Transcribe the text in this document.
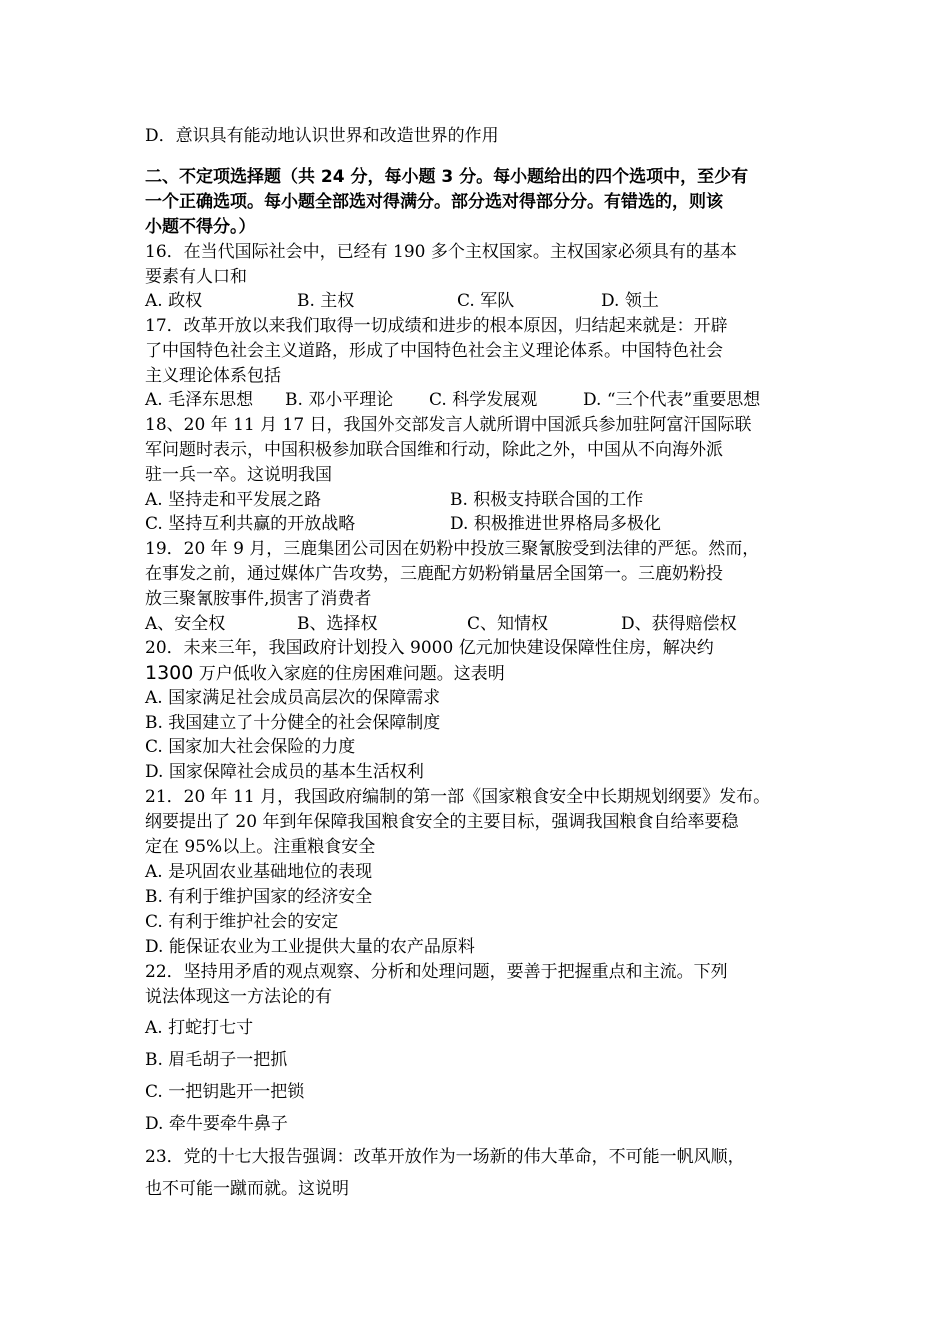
D．意识具有能动地认识世界和改造世界的作用
二、不定项选择题（共 24 分，每小题 3 分。每小题给出的四个选项中，至少有
一个正确选项。每小题全部选对得满分。部分选对得部分分。有错选的，则该
小题不得分。）
16．在当代国际社会中，已经有 190 多个主权国家。主权国家必须具有的基本
要素有人口和
A. 政权	B. 主权	C. 军队	D. 领土
17．改革开放以来我们取得一切成绩和进步的根本原因，归结起来就是：开辟
了中国特色社会主义道路，形成了中国特色社会主义理论体系。中国特色社会
主义理论体系包括
A. 毛泽东思想 B. 邓小平理论 C. 科学发展观	D. “三个代表”重要思想
18、20 年 11 月 17 日，我国外交部发言人就所谓中国派兵参加驻阿富汗国际联
军问题时表示，中国积极参加联合国维和行动，除此之外，中国从不向海外派
驻一兵一卒。这说明我国
A. 坚持走和平发展之路	B. 积极支持联合国的工作
C. 坚持互利共赢的开放战略	D. 积极推进世界格局多极化
19．20 年 9 月，三鹿集团公司因在奶粉中投放三聚氰胺受到法律的严惩。然而，
在事发之前，通过媒体广告攻势，三鹿配方奶粉销量居全国第一。三鹿奶粉投
放三聚氰胺事件,损害了消费者
A、安全权	B、选择权	C、知情权	D、获得赔偿权
20．未来三年，我国政府计划投入 9000 亿元加快建设保障性住房，解决约
1300 万户低收入家庭的住房困难问题。这表明
A. 国家满足社会成员高层次的保障需求
B. 我国建立了十分健全的社会保障制度
C. 国家加大社会保险的力度
D. 国家保障社会成员的基本生活权利
21．20 年 11 月，我国政府编制的第一部《国家粮食安全中长期规划纲要》发布。
纲要提出了 20 年到年保障我国粮食安全的主要目标，强调我国粮食自给率要稳
定在 95%以上。注重粮食安全
A. 是巩固农业基础地位的表现
B. 有利于维护国家的经济安全
C. 有利于维护社会的安定
D. 能保证农业为工业提供大量的农产品原料
22．坚持用矛盾的观点观察、分析和处理问题，要善于把握重点和主流。下列
说法体现这一方法论的有
A. 打蛇打七寸
B. 眉毛胡子一把抓
C. 一把钥匙开一把锁
D. 牵牛要牵牛鼻子
23．党的十七大报告强调：改革开放作为一场新的伟大革命，不可能一帆风顺，
也不可能一蹴而就。这说明
